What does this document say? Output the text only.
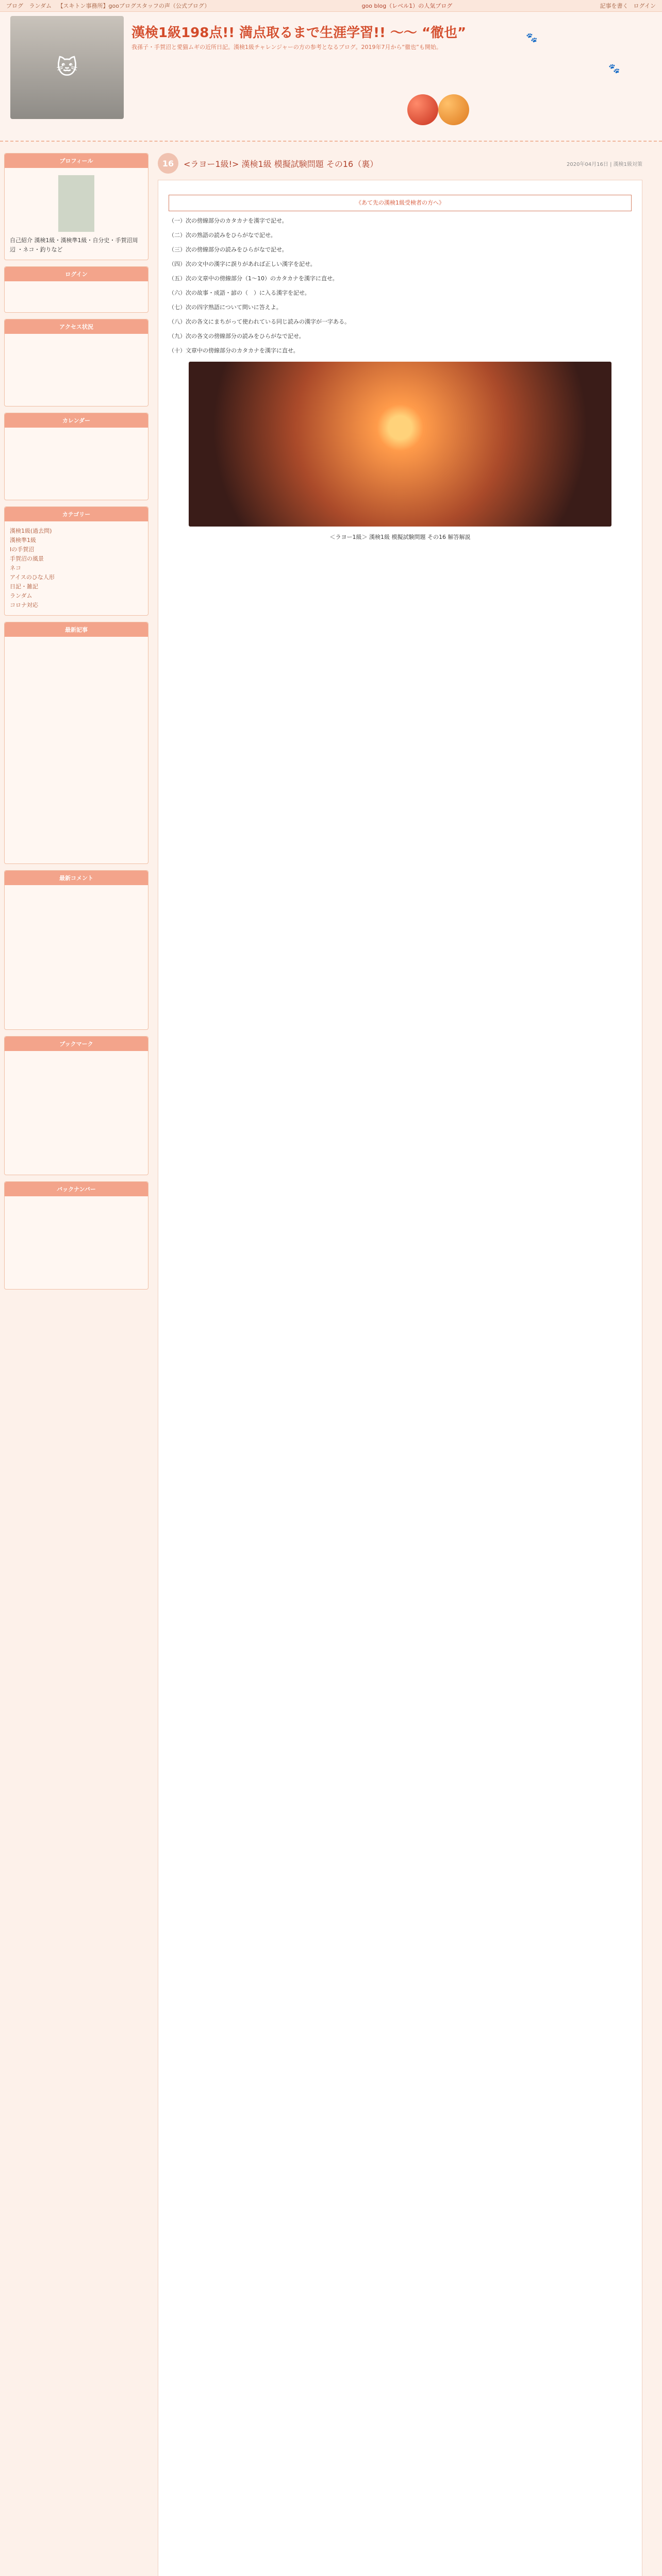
ブログ ランダム 【スキトン事務所】gooブログスタッフの声（公式ブログ）	goo blog（レベル1）の人気ブログ	記事を書く ログイン
🐱
漢検1級198点!! 満点取るまで生涯学習!! 〜〜 “徹也”

我孫子・手賀沼と愛猫ムギの近所日記。漢検1級チャレンジャーの方の参考となるブログ。2019年7月から“徹也”も開始。

🐾
🐾
プロフィール
自己紹介 漢検1級・漢検準1級・自分史・手賀沼周辺 ・ネコ・釣りなど
ログイン
アクセス状況
カレンダー
カテゴリー
漢検1級(過去問)
漢検準1級
Iの手賀沼
手賀沼の風景
ネコ
アイスのひな人形
日記・雑記
ランダム
コロナ対応
最新記事
最新コメント
ブックマーク
バックナンバー
16	<ラヨー1級!> 漢検1級 模擬試験問題 その16（裏）	2020年04月16日 | 漢検1級対策
《あて先の漢検1級受検者の方へ》

（一）次の傍線部分のカタカナを漢字で記せ。

（二）次の熟語の読みをひらがなで記せ。

（三）次の傍線部分の読みをひらがなで記せ。

（四）次の文中の漢字に誤りがあれば正しい漢字を記せ。

（五）次の文章中の傍線部分（1〜10）のカタカナを漢字に直せ。

（六）次の故事・成語・諺の（　）に入る漢字を記せ。

（七）次の四字熟語について問いに答えよ。

（八）次の各文にまちがって使われている同じ読みの漢字が一字ある。

（九）次の各文の傍線部分の読みをひらがなで記せ。

（十）文章中の傍線部分のカタカナを漢字に直せ。

＜ラヨー1級＞ 漢検1級 模擬試験問題 その16 解答解説
